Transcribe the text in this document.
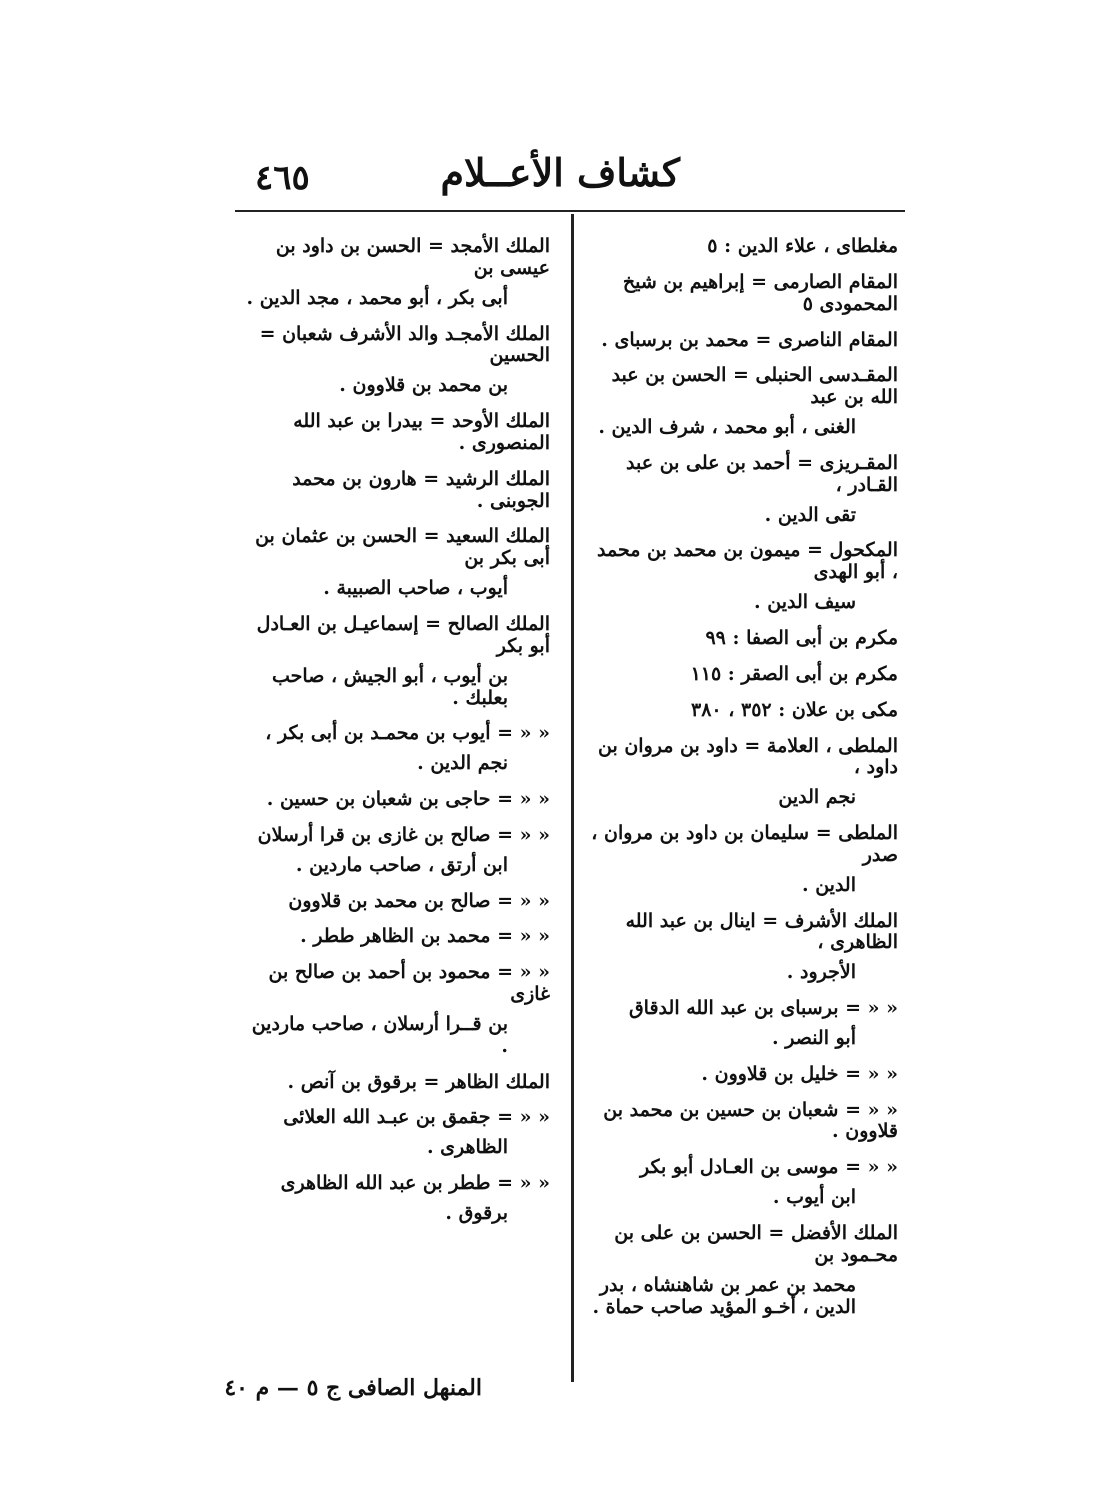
٤٦٥	كشاف الأعــلام
مغلطاى ، علاء الدين : ٥
المقام الصارمى = إبراهيم بن شيخ المحمودى ٥
المقام الناصرى = محمد بن برسباى .
المقـدسى الحنبلى = الحسن بن عبد الله بن عبد
الغنى ، أبو محمد ، شرف الدين .
المقـريزى = أحمد بن على بن عبد القـادر ،
تقى الدين .
المكحول = ميمون بن محمد بن محمد ، أبو الهدى
سيف الدين .
مكرم بن أبى الصفا : ٩٩
مكرم بن أبى الصقر : ١١٥
مكى بن علان : ٣٥٢ ، ٣٨٠
الملطى ، العلامة = داود بن مروان بن داود ،
نجم الدين
الملطى = سليمان بن داود بن مروان ، صدر
الدين .
الملك الأشرف = اينال بن عبد الله الظاهرى ،
الأجرود .
« « = برسباى بن عبد الله الدقاق
أبو النصر .
« « = خليل بن قلاوون .
« « = شعبان بن حسين بن محمد بن قلاوون .
« « = موسى بن العـادل أبو بكر
ابن أيوب .
الملك الأفضل = الحسن بن على بن محـمود بن
محمد بن عمر بن شاهنشاه ، بدر الدين ، أخـو المؤيد صاحب حماة .
الملك الأمجد = الحسن بن داود بن عيسى بن
أبى بكر ، أبو محمد ، مجد الدين .
الملك الأمجـد والد الأشرف شعبان = الحسين
بن محمد بن قلاوون .
الملك الأوحد = بيدرا بن عبد الله المنصورى .
الملك الرشيد = هارون بن محمد الجوبنى .
الملك السعيد = الحسن بن عثمان بن أبى بكر بن
أيوب ، صاحب الصبيبة .
الملك الصالح = إسماعيـل بن العـادل أبو بكر
بن أيوب ، أبو الجيش ، صاحب بعلبك .
« « = أيوب بن محمـد بن أبى بكر ،
نجم الدين .
« « = حاجى بن شعبان بن حسين .
« « = صالح بن غازى بن قرا أرسلان
ابن أرتق ، صاحب ماردين .
« « = صالح بن محمد بن قلاوون
« « = محمد بن الظاهر ططر .
« « = محمود بن أحمد بن صالح بن غازى
بن قــرا أرسلان ، صاحب ماردين .
الملك الظاهر = برقوق بن آنص .
« « = جقمق بن عبـد الله العلائى
الظاهرى .
« « = ططر بن عبد الله الظاهرى
برقوق .
المنهل الصافى ج ٥ — م ٤٠
